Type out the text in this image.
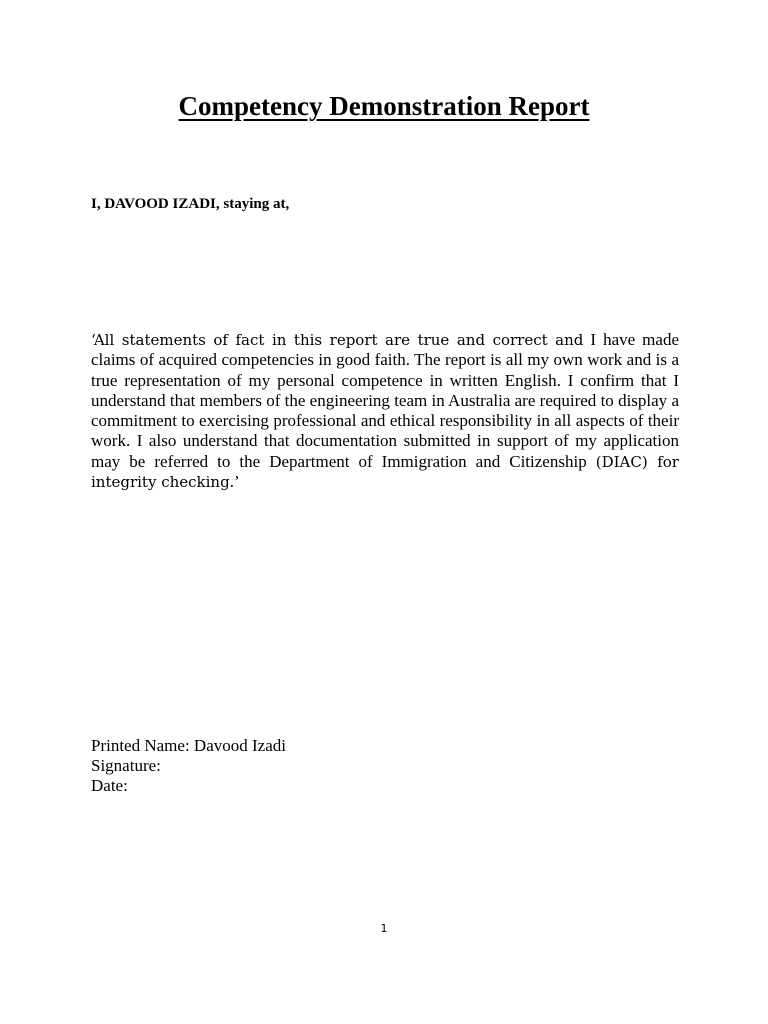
Competency Demonstration Report
I, DAVOOD IZADI, staying at,

‘All statements of fact in this report are true and correct and I have made claims of acquired competencies in good faith. The report is all my own work and is a true representation of my personal competence in written English. I confirm that I understand that members of the engineering team in Australia are required to display a commitment to exercising professional and ethical responsibility in all aspects of their work. I also understand that documentation submitted in support of my application may be referred to the Department of Immigration and Citizenship (DIAC) for integrity checking.’

Printed Name: Davood Izadi
Signature:
Date:
1
